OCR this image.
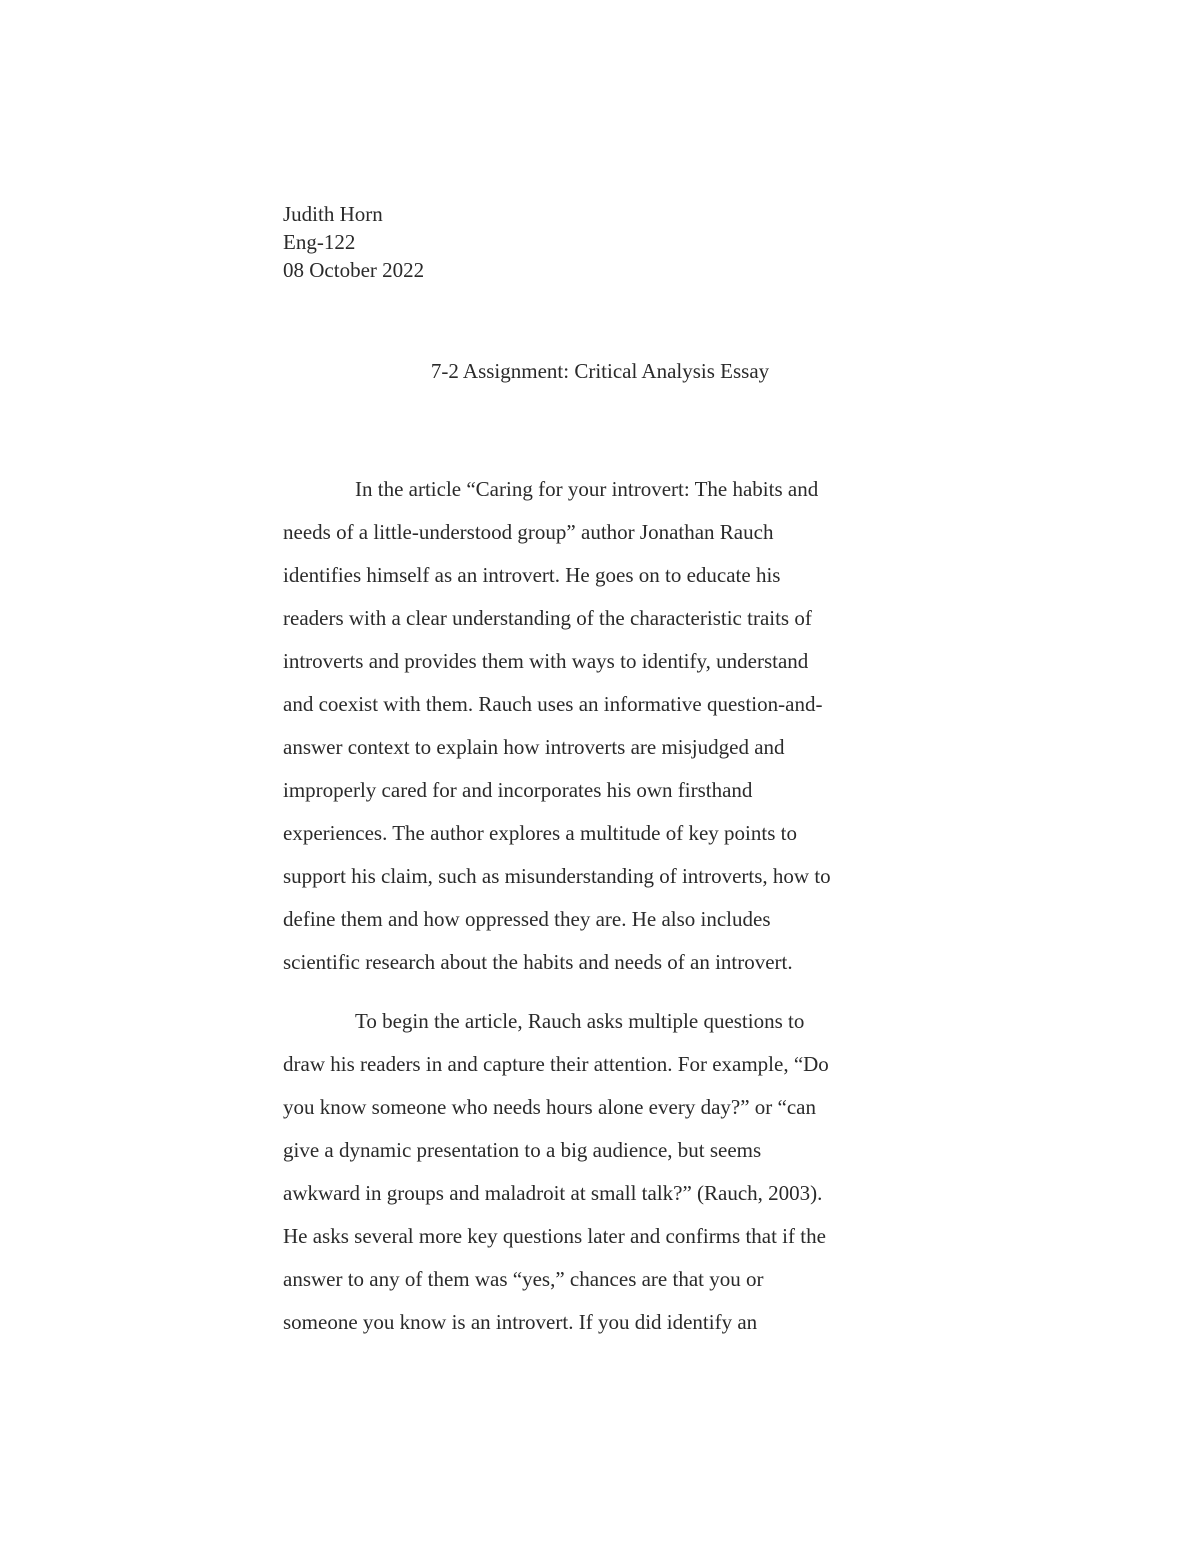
Judith Horn
Eng-122
08 October 2022
7-2 Assignment: Critical Analysis Essay
In the article “Caring for your introvert: The habits and
needs of a little-understood group” author Jonathan Rauch
identifies himself as an introvert. He goes on to educate his
readers with a clear understanding of the characteristic traits of
introverts and provides them with ways to identify, understand
and coexist with them. Rauch uses an informative question-and-
answer context to explain how introverts are misjudged and
improperly cared for and incorporates his own firsthand
experiences. The author explores a multitude of key points to
support his claim, such as misunderstanding of introverts, how to
define them and how oppressed they are. He also includes
scientific research about the habits and needs of an introvert.
To begin the article, Rauch asks multiple questions to
draw his readers in and capture their attention. For example, “Do
you know someone who needs hours alone every day?” or “can
give a dynamic presentation to a big audience, but seems
awkward in groups and maladroit at small talk?” (Rauch, 2003).
He asks several more key questions later and confirms that if the
answer to any of them was “yes,” chances are that you or
someone you know is an introvert. If you did identify an
